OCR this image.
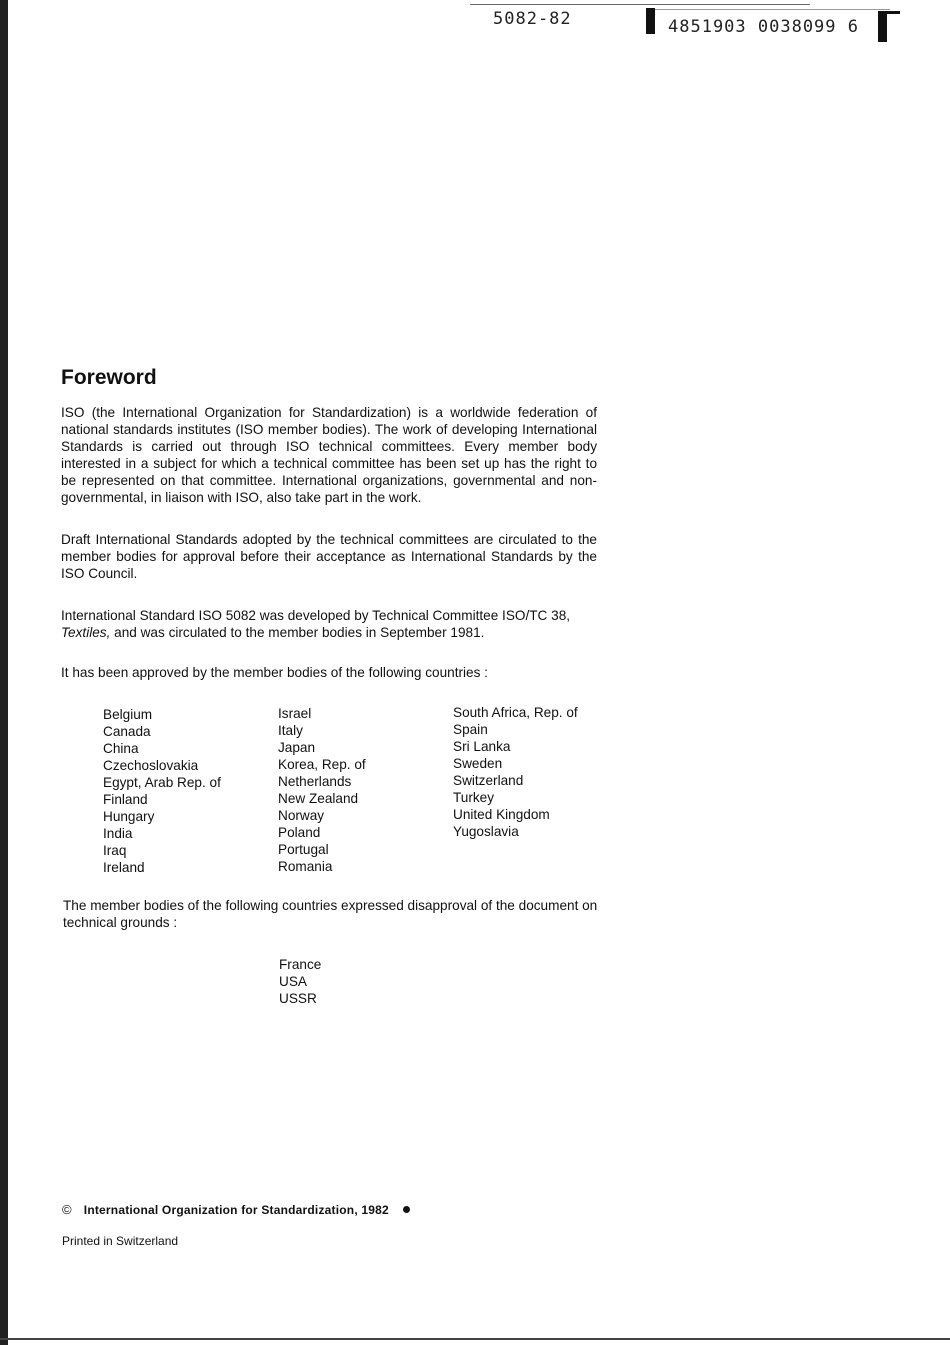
5082-82	4851903 0038099 6
Foreword

ISO (the International Organization for Standardization) is a worldwide federation of national standards institutes (ISO member bodies). The work of developing International Standards is carried out through ISO technical committees. Every member body interested in a subject for which a technical committee has been set up has the right to be represented on that committee. International organizations, governmental and non-governmental, in liaison with ISO, also take part in the work.

Draft International Standards adopted by the technical committees are circulated to the member bodies for approval before their acceptance as International Standards by the ISO Council.

International Standard ISO 5082 was developed by Technical Committee ISO/TC 38,
Textiles, and was circulated to the member bodies in September 1981.

It has been approved by the member bodies of the following countries :

Belgium
Canada
China
Czechoslovakia
Egypt, Arab Rep. of
Finland
Hungary
India
Iraq
Ireland
Israel
Italy
Japan
Korea, Rep. of
Netherlands
New Zealand
Norway
Poland
Portugal
Romania
South Africa, Rep. of
Spain
Sri Lanka
Sweden
Switzerland
Turkey
United Kingdom
Yugoslavia

The member bodies of the following countries expressed disapproval of the document on technical grounds :

France
USA
USSR
© International Organization for Standardization, 1982
Printed in Switzerland
